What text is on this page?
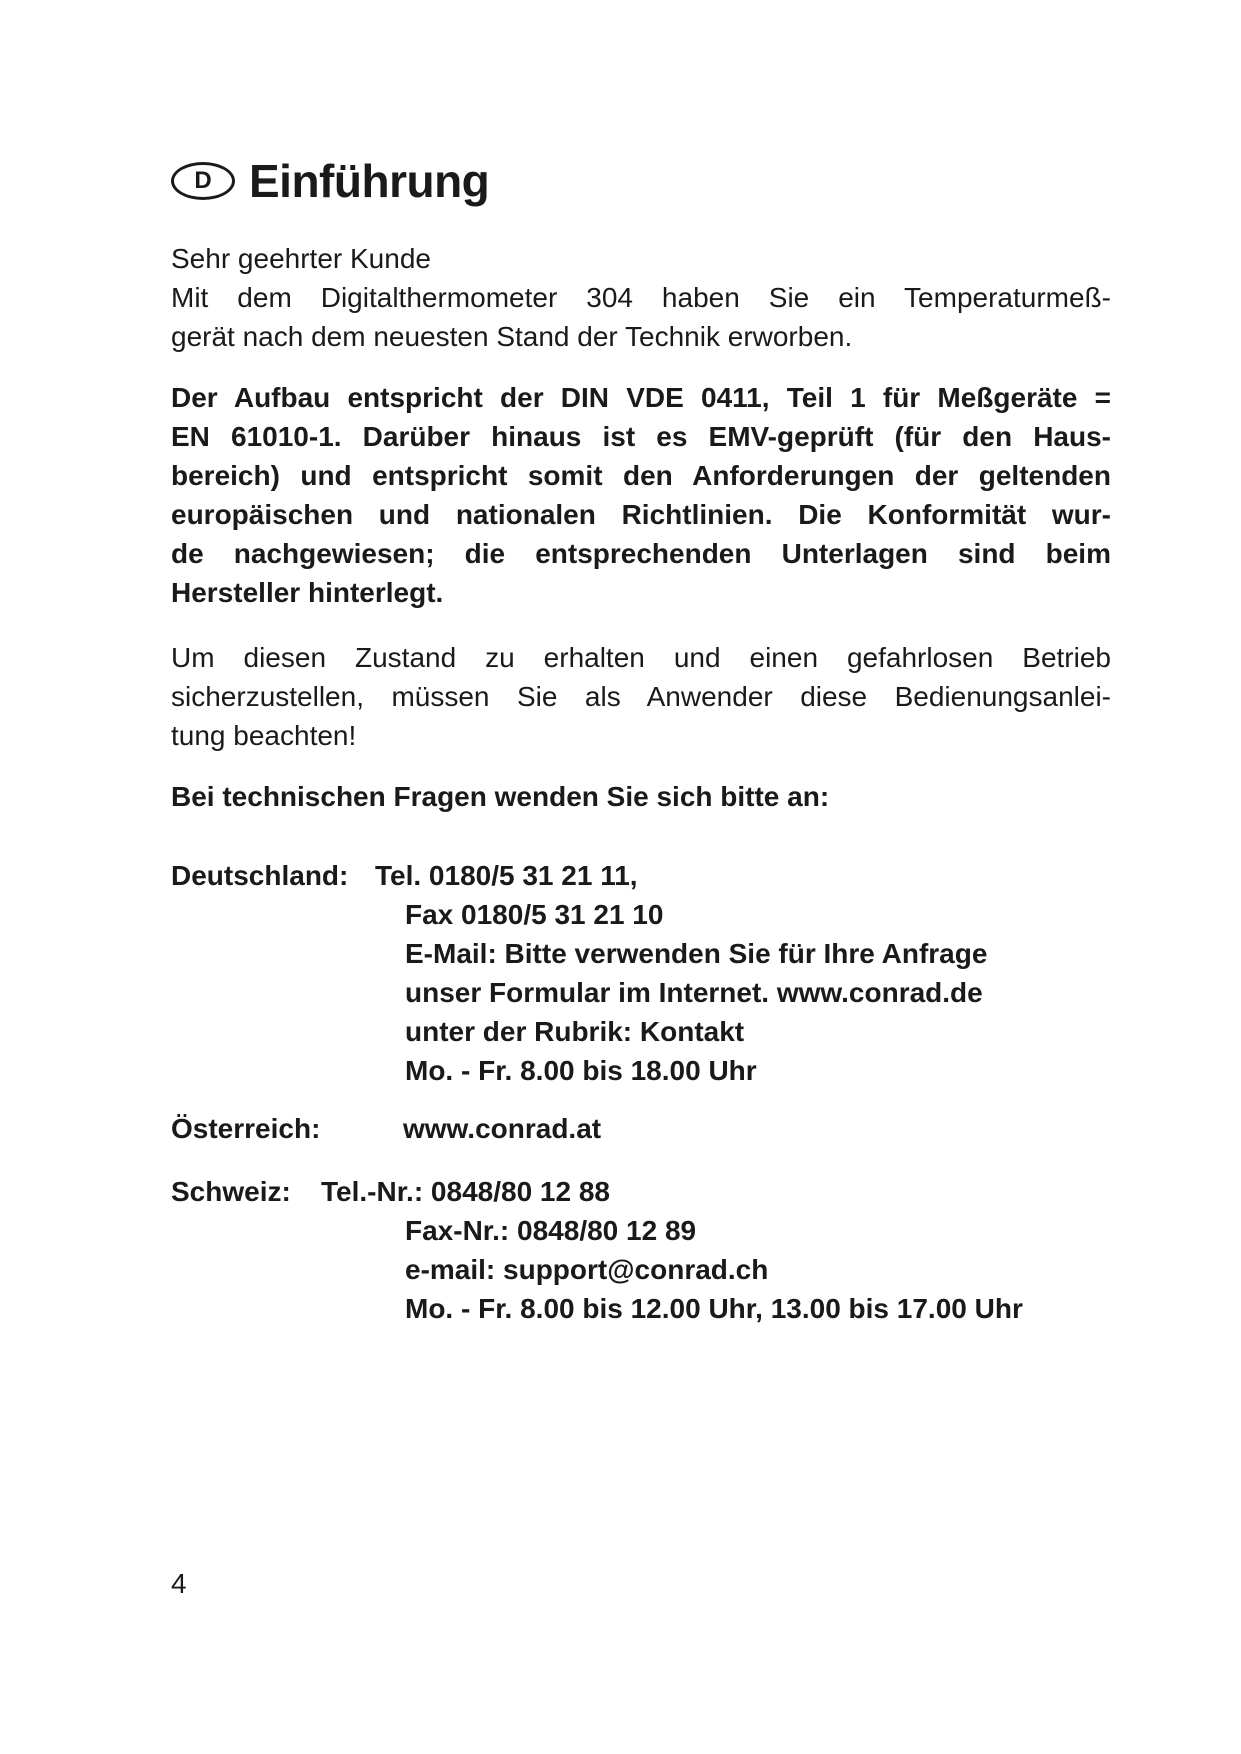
D Einführung
Sehr geehrter Kunde
Mit dem Digitalthermometer 304 haben Sie ein Temperaturmeß-
gerät nach dem neuesten Stand der Technik erworben.
Der Aufbau entspricht der DIN VDE 0411, Teil 1 für Meßgeräte =
EN 61010-1. Darüber hinaus ist es EMV-geprüft (für den Haus-
bereich) und entspricht somit den Anforderungen der geltenden
europäischen und nationalen Richtlinien. Die Konformität wur-
de nachgewiesen; die entsprechenden Unterlagen sind beim
Hersteller hinterlegt.
Um diesen Zustand zu erhalten und einen gefahrlosen Betrieb
sicherzustellen, müssen Sie als Anwender diese Bedienungsanlei-
tung beachten!
Bei technischen Fragen wenden Sie sich bitte an:
Deutschland: Tel. 0180/5 31 21 11,
Fax 0180/5 31 21 10
E-Mail: Bitte verwenden Sie für Ihre Anfrage
unser Formular im Internet. www.conrad.de
unter der Rubrik: Kontakt
Mo. - Fr. 8.00 bis 18.00 Uhr
Österreich:	www.conrad.at
Schweiz: Tel.-Nr.: 0848/80 12 88
Fax-Nr.: 0848/80 12 89
e-mail: support@conrad.ch
Mo. - Fr. 8.00 bis 12.00 Uhr, 13.00 bis 17.00 Uhr
4
